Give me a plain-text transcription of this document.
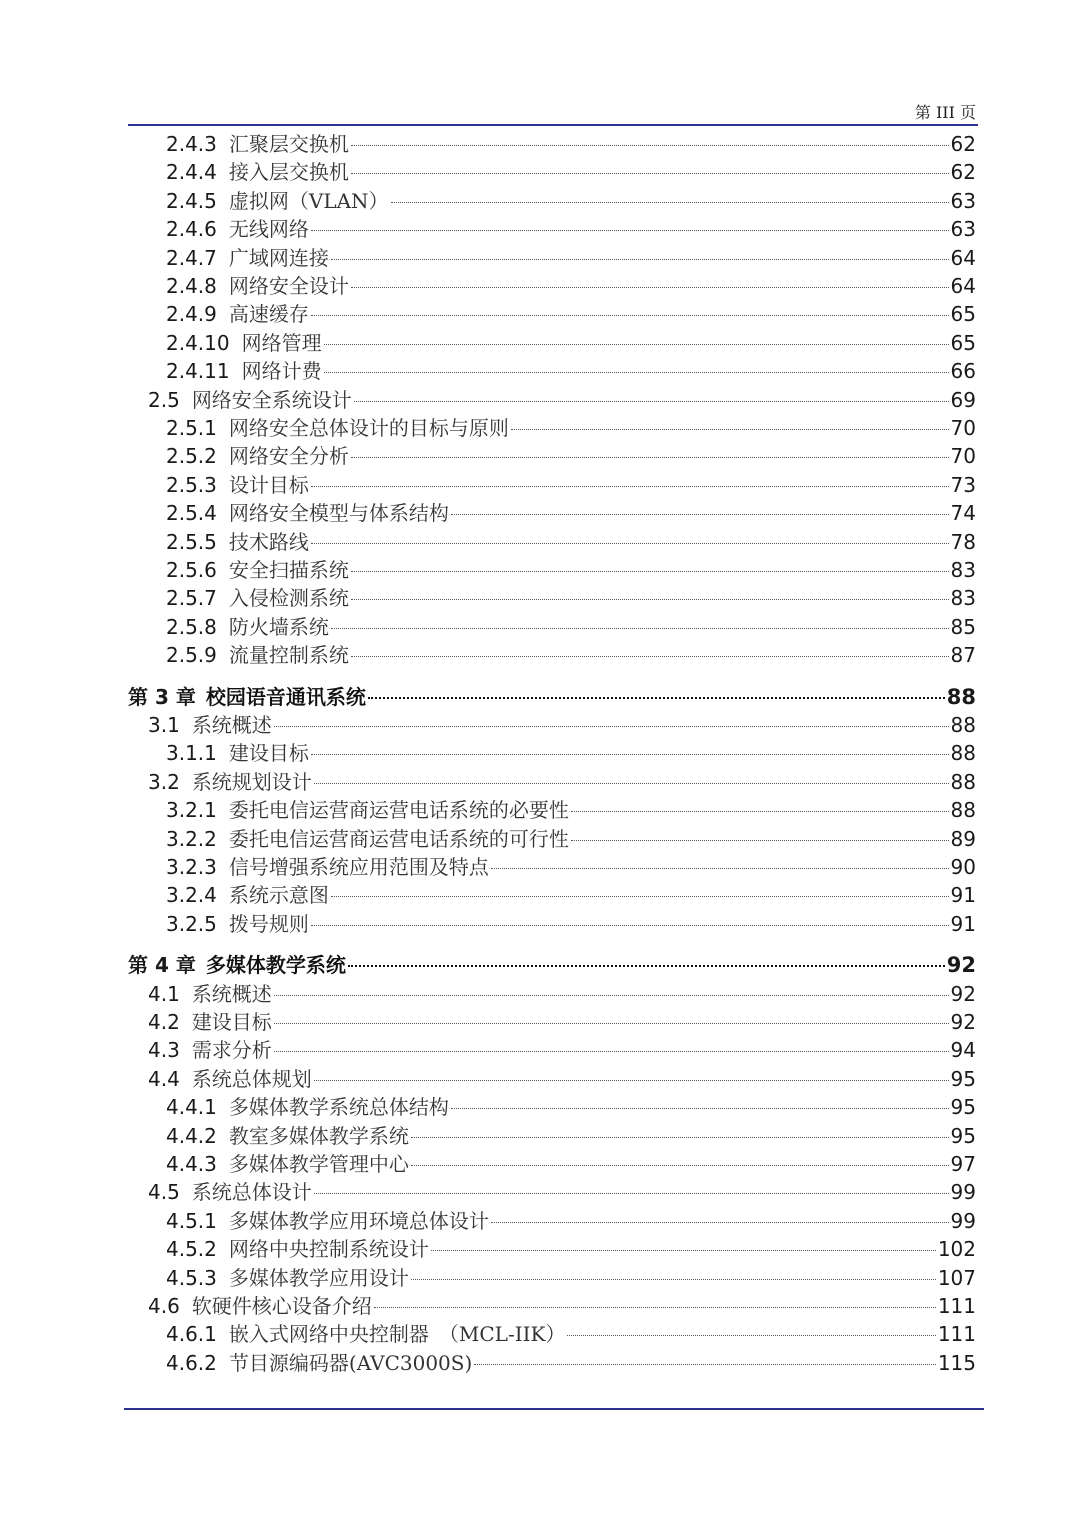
第 III 页
2.4.3 汇聚层交换机	62
2.4.4 接入层交换机	62
2.4.5 虚拟网（VLAN）	63
2.4.6 无线网络	63
2.4.7 广域网连接	64
2.4.8 网络安全设计	64
2.4.9 高速缓存	65
2.4.10 网络管理	65
2.4.11 网络计费	66
2.5 网络安全系统设计	69
2.5.1 网络安全总体设计的目标与原则	70
2.5.2 网络安全分析	70
2.5.3 设计目标	73
2.5.4 网络安全模型与体系结构	74
2.5.5 技术路线	78
2.5.6 安全扫描系统	83
2.5.7 入侵检测系统	83
2.5.8 防火墙系统	85
2.5.9 流量控制系统	87
第 3 章 校园语音通讯系统	88
3.1 系统概述	88
3.1.1 建设目标	88
3.2 系统规划设计	88
3.2.1 委托电信运营商运营电话系统的必要性	88
3.2.2 委托电信运营商运营电话系统的可行性	89
3.2.3 信号增强系统应用范围及特点	90
3.2.4 系统示意图	91
3.2.5 拨号规则	91
第 4 章 多媒体教学系统	92
4.1 系统概述	92
4.2 建设目标	92
4.3 需求分析	94
4.4 系统总体规划	95
4.4.1 多媒体教学系统总体结构	95
4.4.2 教室多媒体教学系统	95
4.4.3 多媒体教学管理中心	97
4.5 系统总体设计	99
4.5.1 多媒体教学应用环境总体设计	99
4.5.2 网络中央控制系统设计	102
4.5.3 多媒体教学应用设计	107
4.6 软硬件核心设备介绍	111
4.6.1 嵌入式网络中央控制器　（MCL-IIK）	111
4.6.2 节目源编码器(AVC3000S)	115
